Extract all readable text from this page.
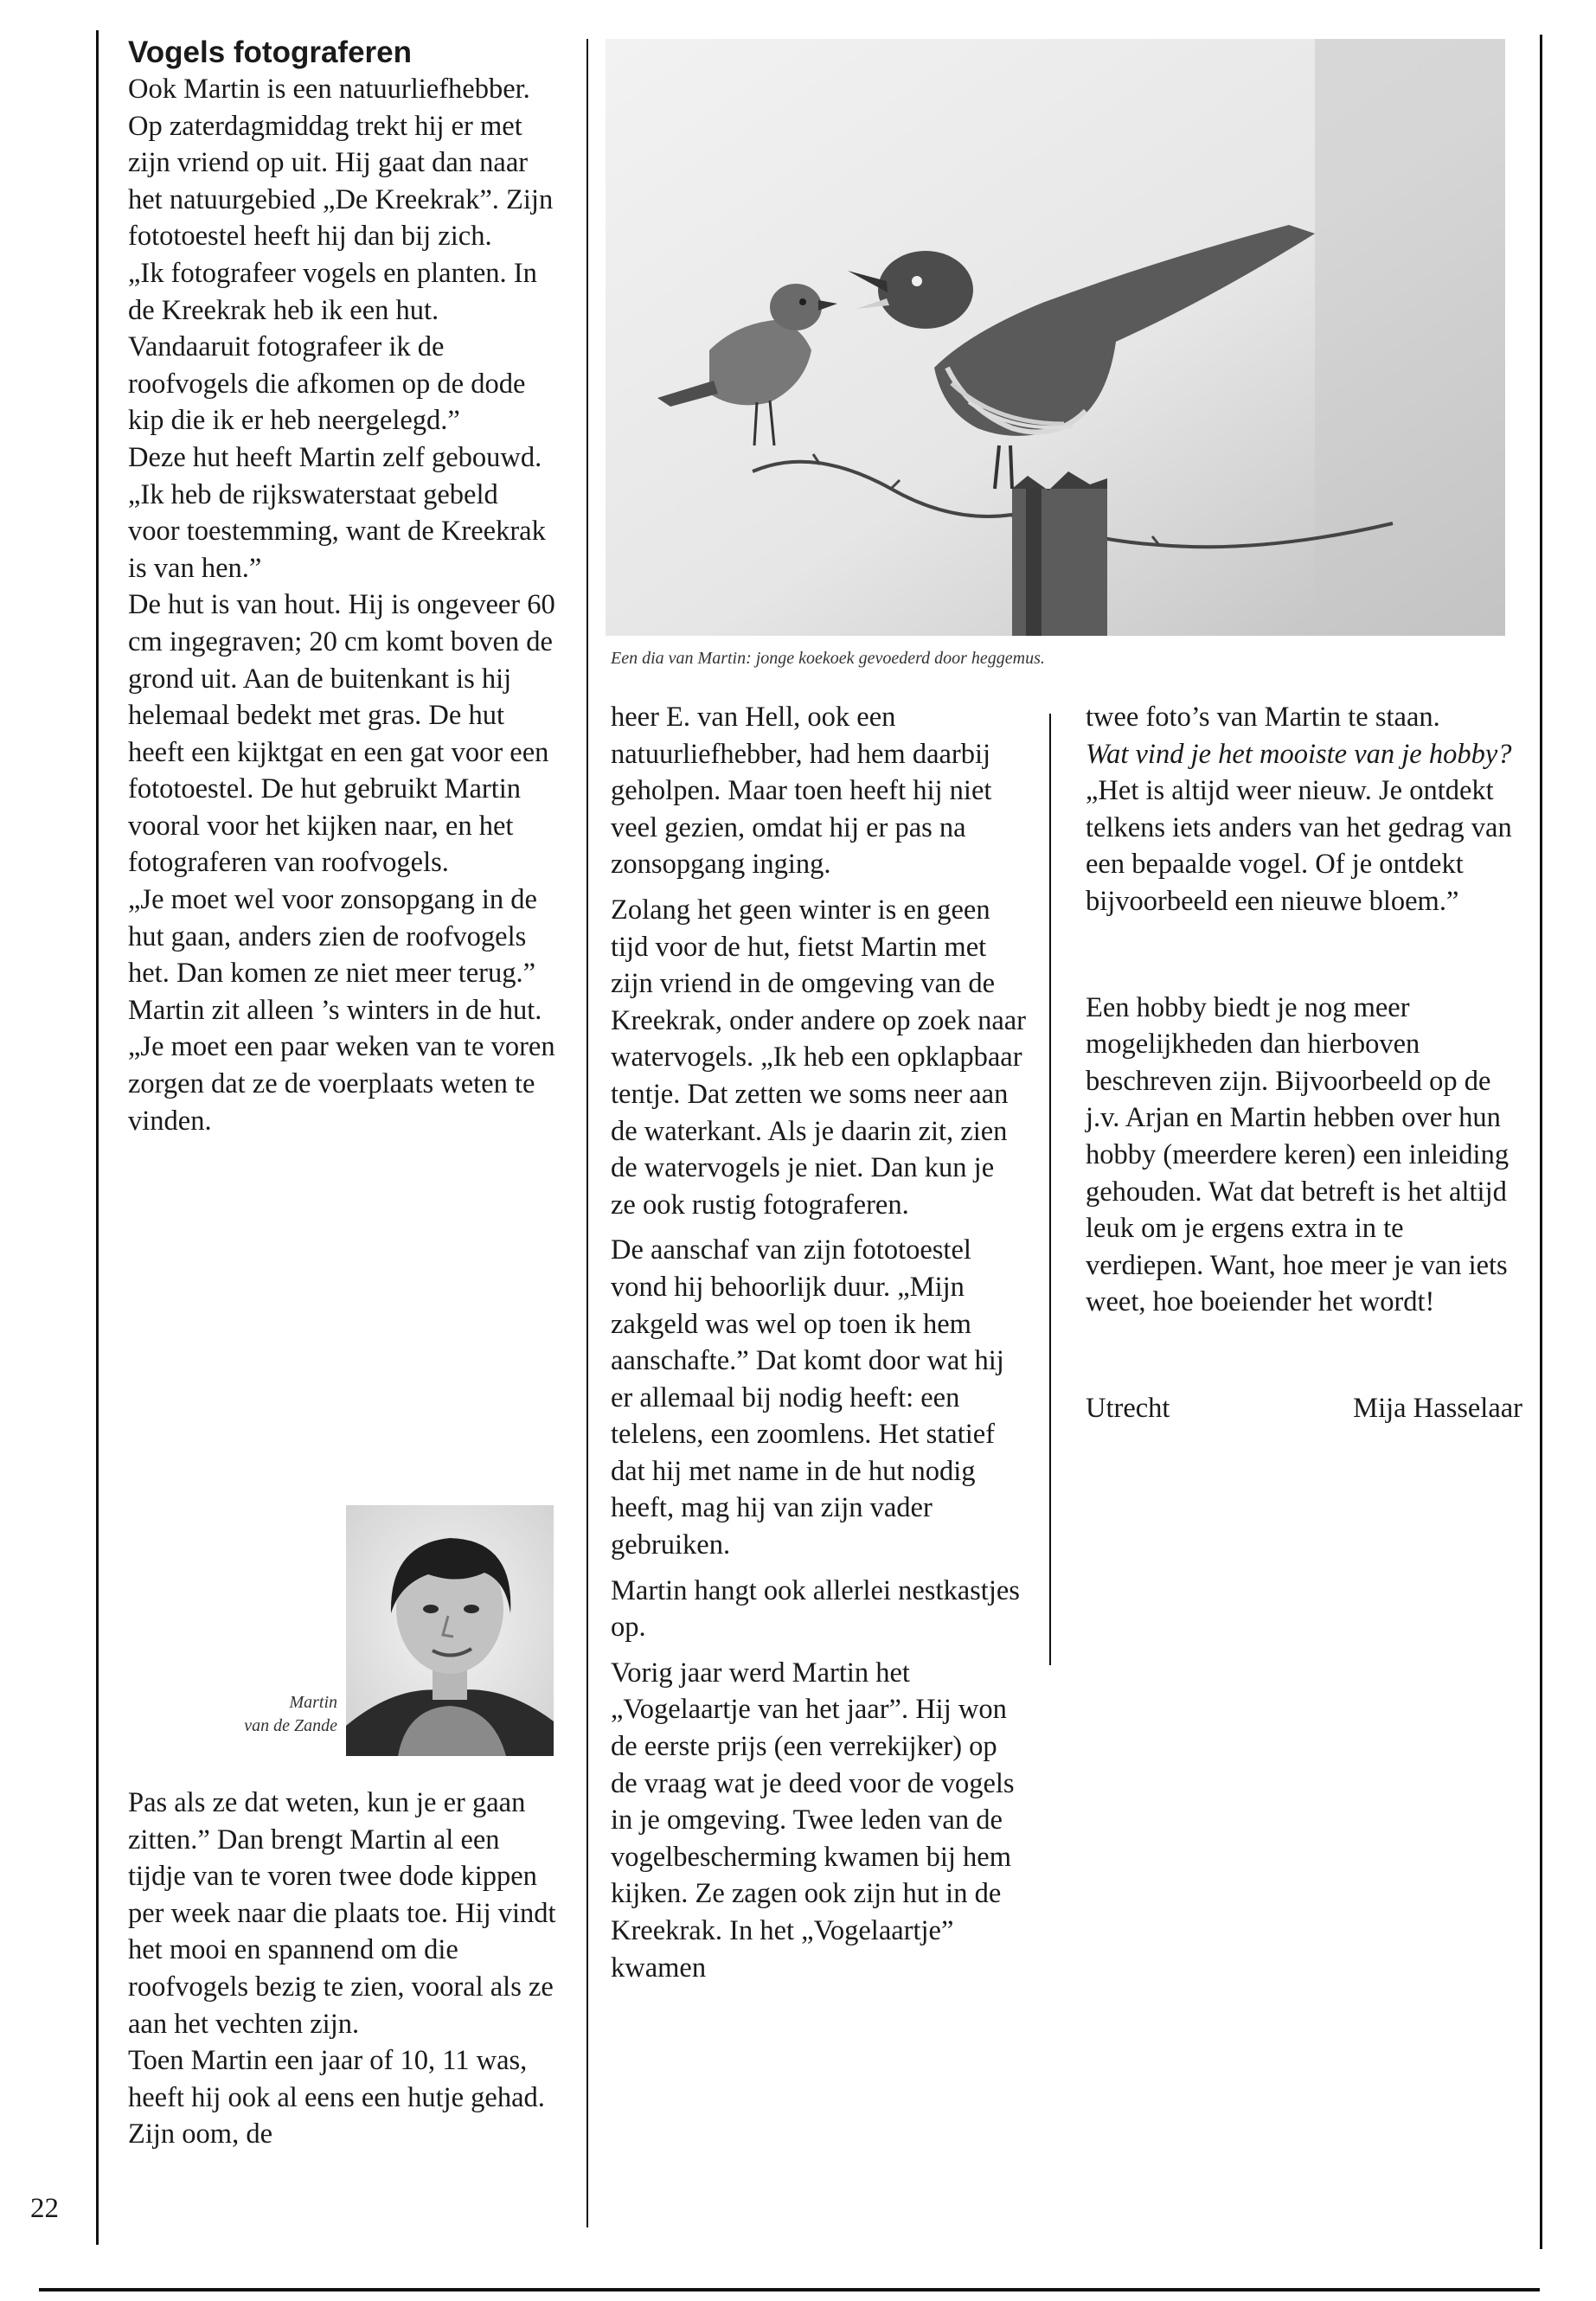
Vogels fotograferen

Ook Martin is een natuurliefhebber. Op zaterdagmiddag trekt hij er met zijn vriend op uit. Hij gaat dan naar het natuurgebied „De Kreekrak”. Zijn fototoestel heeft hij dan bij zich.

„Ik fotografeer vogels en planten. In de Kreekrak heb ik een hut. Vandaaruit fotografeer ik de roofvogels die afkomen op de dode kip die ik er heb neergelegd.”

Deze hut heeft Martin zelf gebouwd. „Ik heb de rijkswaterstaat gebeld voor toestemming, want de Kreekrak is van hen.”

De hut is van hout. Hij is ongeveer 60 cm ingegraven; 20 cm komt boven de grond uit. Aan de buitenkant is hij helemaal bedekt met gras. De hut heeft een kijktgat en een gat voor een fototoestel. De hut gebruikt Martin vooral voor het kijken naar, en het fotograferen van roofvogels.

„Je moet wel voor zonsopgang in de hut gaan, anders zien de roofvogels het. Dan komen ze niet meer terug.” Martin zit alleen ’s winters in de hut.

„Je moet een paar weken van te voren zorgen dat ze de voerplaats weten te vinden.

Martin
van de Zande

Pas als ze dat weten, kun je er gaan zitten.” Dan brengt Martin al een tijdje van te voren twee dode kippen per week naar die plaats toe. Hij vindt het mooi en spannend om die roofvogels bezig te zien, vooral als ze aan het vechten zijn.

Toen Martin een jaar of 10, 11 was, heeft hij ook al eens een hutje gehad. Zijn oom, de

22
Een dia van Martin: jonge koekoek gevoederd door heggemus.

heer E. van Hell, ook een natuurliefhebber, had hem daarbij geholpen. Maar toen heeft hij niet veel gezien, omdat hij er pas na zonsopgang inging.

Zolang het geen winter is en geen tijd voor de hut, fietst Martin met zijn vriend in de omgeving van de Kreekrak, onder andere op zoek naar watervogels. „Ik heb een opklapbaar tentje. Dat zetten we soms neer aan de waterkant. Als je daarin zit, zien de watervogels je niet. Dan kun je ze ook rustig fotograferen.

De aanschaf van zijn fototoestel vond hij behoorlijk duur. „Mijn zakgeld was wel op toen ik hem aanschafte.” Dat komt door wat hij er allemaal bij nodig heeft: een telelens, een zoomlens. Het statief dat hij met name in de hut nodig heeft, mag hij van zijn vader gebruiken.

Martin hangt ook allerlei nestkastjes op.

Vorig jaar werd Martin het „Vogelaartje van het jaar”. Hij won de eerste prijs (een verrekijker) op de vraag wat je deed voor de vogels in je omgeving. Twee leden van de vogelbescherming kwamen bij hem kijken. Ze zagen ook zijn hut in de Kreekrak. In het „Vogelaartje” kwamen

twee foto’s van Martin te staan.

Wat vind je het mooiste van je hobby?

„Het is altijd weer nieuw. Je ontdekt telkens iets anders van het gedrag van een bepaalde vogel. Of je ontdekt bijvoorbeeld een nieuwe bloem.”

Een hobby biedt je nog meer mogelijkheden dan hierboven beschreven zijn. Bijvoorbeeld op de j.v. Arjan en Martin hebben over hun hobby (meerdere keren) een inleiding gehouden. Wat dat betreft is het altijd leuk om je ergens extra in te verdiepen. Want, hoe meer je van iets weet, hoe boeiender het wordt!

Utrecht	Mija Hasselaar
